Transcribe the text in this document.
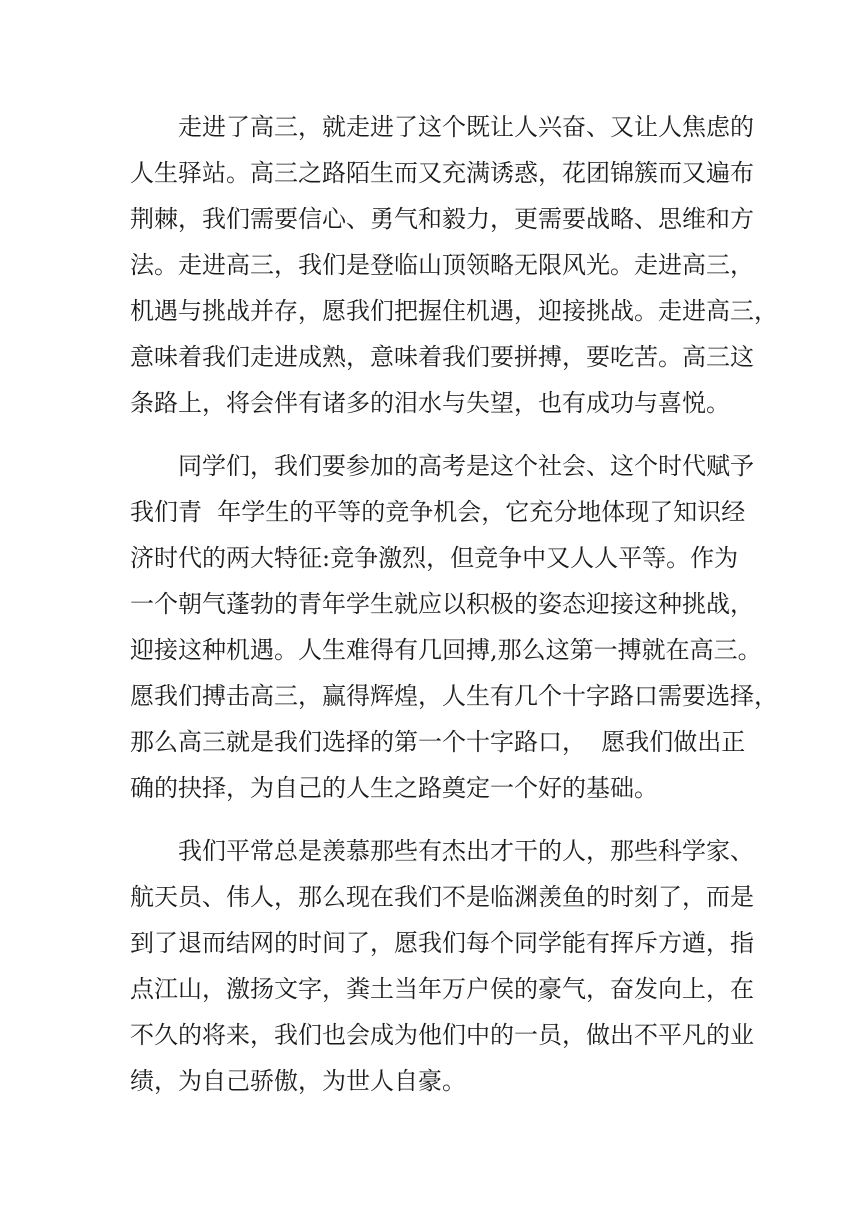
　　走进了高三，就走进了这个既让人兴奋、又让人焦虑的
人生驿站。高三之路陌生而又充满诱惑，花团锦簇而又遍布
荆棘，我们需要信心、勇气和毅力，更需要战略、思维和方
法。走进高三，我们是登临山顶领略无限风光。走进高三，
机遇与挑战并存，愿我们把握住机遇，迎接挑战。走进高三，
意味着我们走进成熟，意味着我们要拼搏，要吃苦。高三这
条路上，将会伴有诸多的泪水与失望，也有成功与喜悦。

　　同学们，我们要参加的高考是这个社会、这个时代赋予
我们青  年学生的平等的竞争机会，它充分地体现了知识经
济时代的两大特征:竞争激烈，但竞争中又人人平等。作为
一个朝气蓬勃的青年学生就应以积极的姿态迎接这种挑战，
迎接这种机遇。人生难得有几回搏,那么这第一搏就在高三。
愿我们搏击高三，赢得辉煌，人生有几个十字路口需要选择，
那么高三就是我们选择的第一个十字路口，  愿我们做出正
确的抉择，为自己的人生之路奠定一个好的基础。

　　我们平常总是羡慕那些有杰出才干的人，那些科学家、
航天员、伟人，那么现在我们不是临渊羡鱼的时刻了，而是
到了退而结网的时间了，愿我们每个同学能有挥斥方遒，指
点江山，激扬文字，粪土当年万户侯的豪气，奋发向上，在
不久的将来，我们也会成为他们中的一员，做出不平凡的业
绩，为自己骄傲，为世人自豪。
